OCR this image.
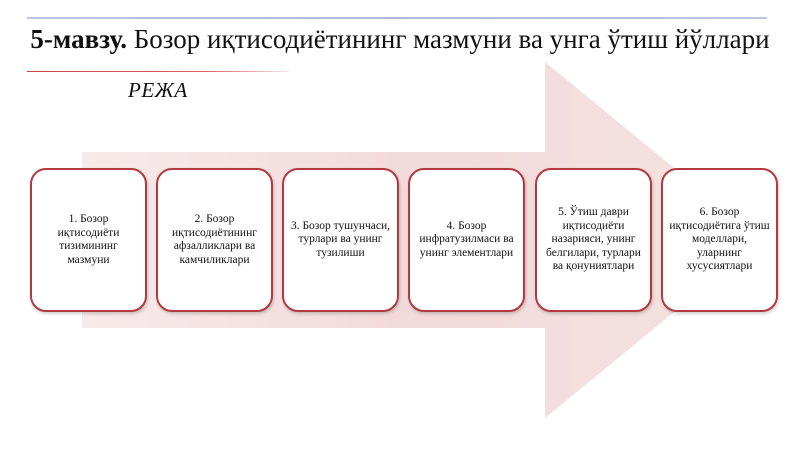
5-мавзу. Бозор иқтисодиётининг мазмуни ва унга ўтиш йўллари
РЕЖА
1. Бозор иқтисодиёти тизимининг мазмуни
2. Бозор иқтисодиётининг афзалликлари ва камчиликлари
3. Бозор тушунчаси, турлари ва унинг тузилиши
4. Бозор инфратузилмаси ва унинг элементлари
5. Ўтиш даври иқтисодиёти назарияси, унинг белгилари, турлари ва қонуниятлари
6. Бозор иқтисодиётига ўтиш моделлари, уларнинг хусусиятлари
